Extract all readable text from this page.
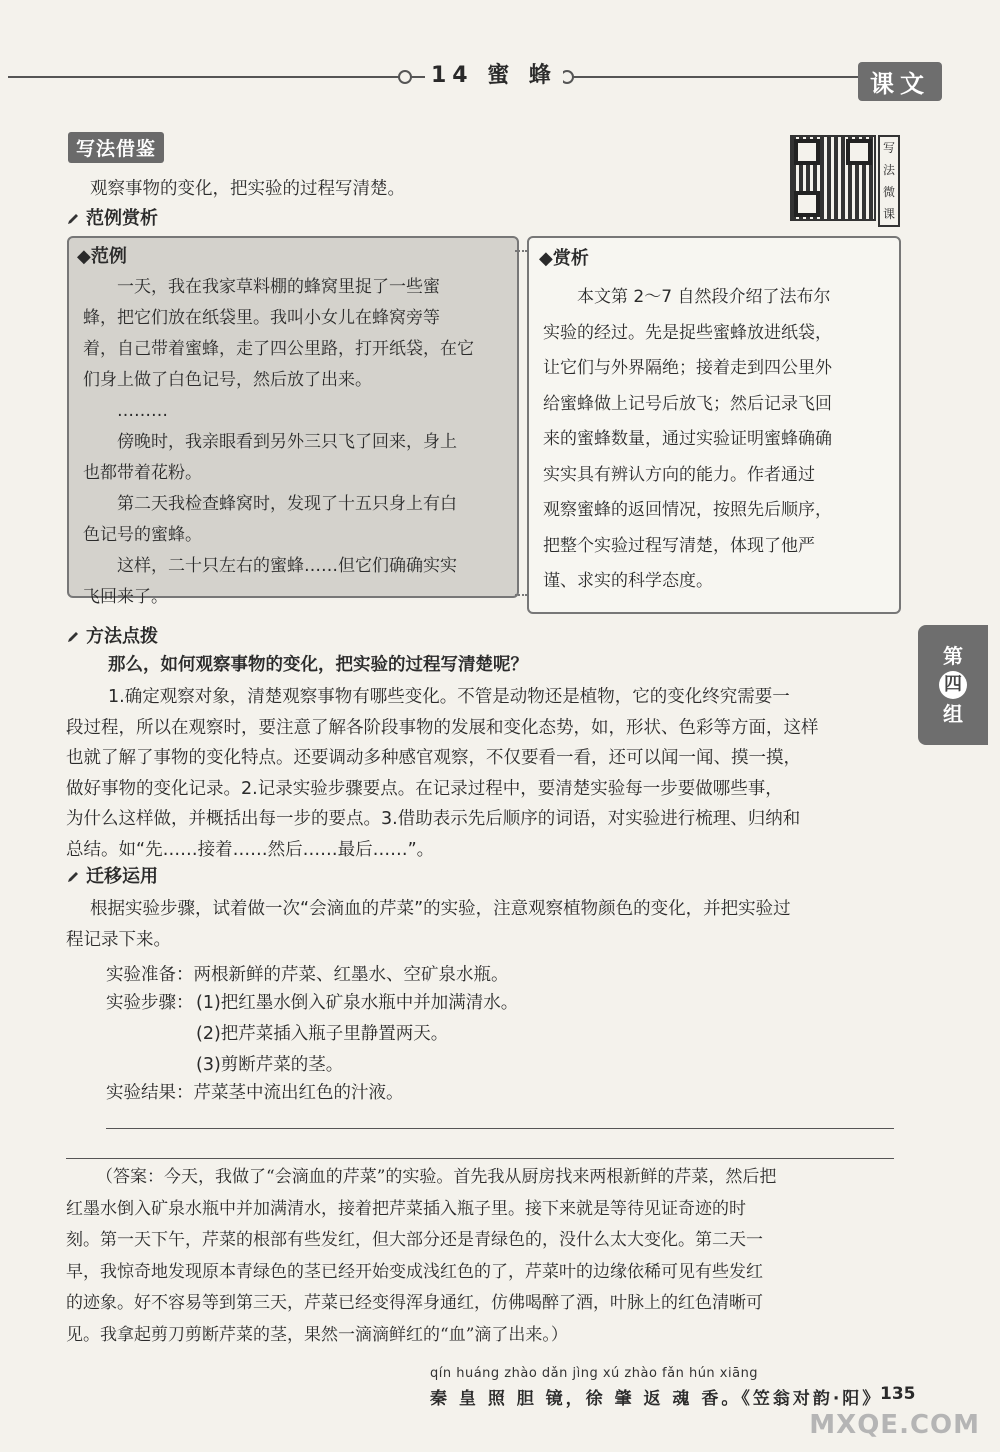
14 蜜 蜂	课文
写法借鉴	写
法
微
课
观察事物的变化，把实验的过程写清楚。
范例赏析
◆范例
一天，我在我家草料棚的蜂窝里捉了一些蜜
蜂，把它们放在纸袋里。我叫小女儿在蜂窝旁等
着，自己带着蜜蜂，走了四公里路，打开纸袋，在它
们身上做了白色记号，然后放了出来。
………
傍晚时，我亲眼看到另外三只飞了回来，身上
也都带着花粉。
第二天我检查蜂窝时，发现了十五只身上有白
色记号的蜜蜂。
这样，二十只左右的蜜蜂……但它们确确实实
飞回来了。
◆赏析
本文第 2～7 自然段介绍了法布尔
实验的经过。先是捉些蜜蜂放进纸袋，
让它们与外界隔绝；接着走到四公里外
给蜜蜂做上记号后放飞；然后记录飞回
来的蜜蜂数量，通过实验证明蜜蜂确确
实实具有辨认方向的能力。作者通过
观察蜜蜂的返回情况，按照先后顺序，
把整个实验过程写清楚，体现了他严
谨、求实的科学态度。
第
四
组
方法点拨
那么，如何观察事物的变化，把实验的过程写清楚呢？
1.确定观察对象，清楚观察事物有哪些变化。不管是动物还是植物，它的变化终究需要一
段过程，所以在观察时，要注意了解各阶段事物的发展和变化态势，如，形状、色彩等方面，这样
也就了解了事物的变化特点。还要调动多种感官观察，不仅要看一看，还可以闻一闻、摸一摸，
做好事物的变化记录。2.记录实验步骤要点。在记录过程中，要清楚实验每一步要做哪些事，
为什么这样做，并概括出每一步的要点。3.借助表示先后顺序的词语，对实验进行梳理、归纳和
总结。如“先……接着……然后……最后……”。
迁移运用
根据实验步骤，试着做一次“会滴血的芹菜”的实验，注意观察植物颜色的变化，并把实验过
程记录下来。
实验准备：两根新鲜的芹菜、红墨水、空矿泉水瓶。
实验步骤： (1)把红墨水倒入矿泉水瓶中并加满清水。
(2)把芹菜插入瓶子里静置两天。
(3)剪断芹菜的茎。
实验结果：芹菜茎中流出红色的汁液。
（答案：今天，我做了“会滴血的芹菜”的实验。首先我从厨房找来两根新鲜的芹菜，然后把
红墨水倒入矿泉水瓶中并加满清水，接着把芹菜插入瓶子里。接下来就是等待见证奇迹的时
刻。第一天下午，芹菜的根部有些发红，但大部分还是青绿色的，没什么太大变化。第二天一
早，我惊奇地发现原本青绿色的茎已经开始变成浅红色的了，芹菜叶的边缘依稀可见有些发红
的迹象。好不容易等到第三天，芹菜已经变得浑身通红，仿佛喝醉了酒，叶脉上的红色清晰可
见。我拿起剪刀剪断芹菜的茎，果然一滴滴鲜红的“血”滴了出来。）
qín huáng zhào dǎn jìng xú zhào fǎn hún xiāng
秦 皇 照 胆 镜，徐 肇 返 魂 香。《笠翁对韵·阳》
135
MXQE.COM
